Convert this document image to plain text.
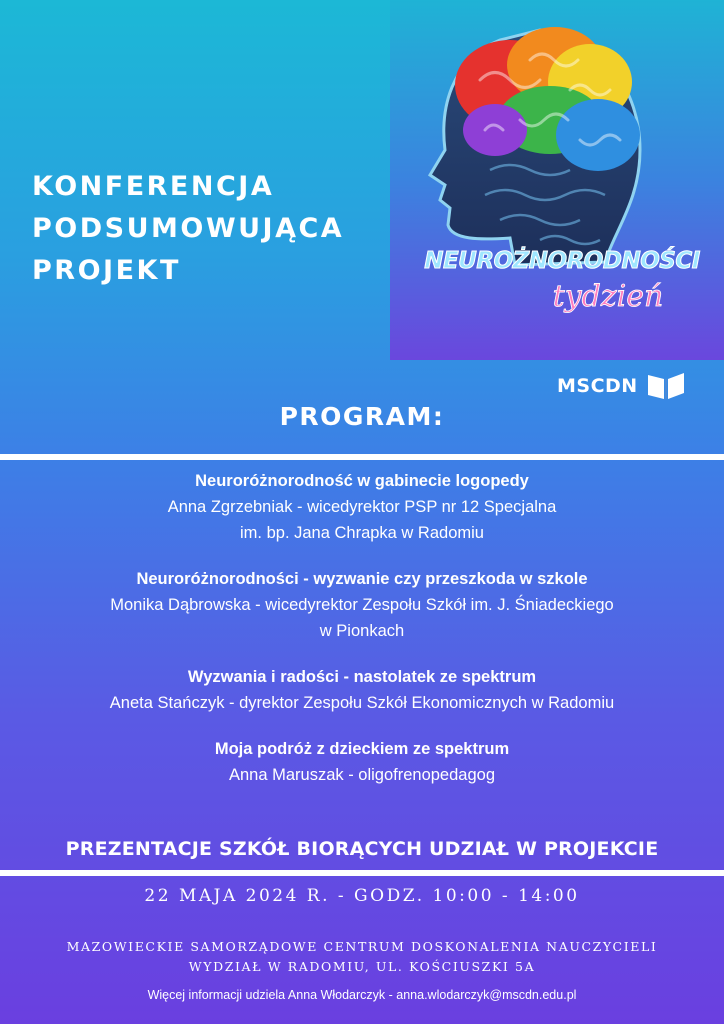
KONFERENCJA
PODSUMOWUJĄCA
PROJEKT	NEUROŻNORODNOŚCI
tydzień
MSCDN
PROGRAM:
Neuroróżnorodność w gabinecie logopedy
Anna Zgrzebniak - wicedyrektor PSP nr 12 Specjalna
im. bp. Jana Chrapka w Radomiu
Neuroróżnorodności - wyzwanie czy przeszkoda w szkole
Monika Dąbrowska - wicedyrektor Zespołu Szkół im. J. Śniadeckiego
w Pionkach
Wyzwania i radości - nastolatek ze spektrum
Aneta Stańczyk - dyrektor Zespołu Szkół Ekonomicznych w Radomiu
Moja podróż z dzieckiem ze spektrum
Anna Maruszak - oligofrenopedagog
PREZENTACJE SZKÓŁ BIORĄCYCH UDZIAŁ W PROJEKCIE
22 MAJA 2024 R. - GODZ. 10:00 - 14:00
MAZOWIECKIE SAMORZĄDOWE CENTRUM DOSKONALENIA NAUCZYCIELI
WYDZIAŁ W RADOMIU, UL. KOŚCIUSZKI 5A
Więcej informacji udziela Anna Włodarczyk - anna.wlodarczyk@mscdn.edu.pl
